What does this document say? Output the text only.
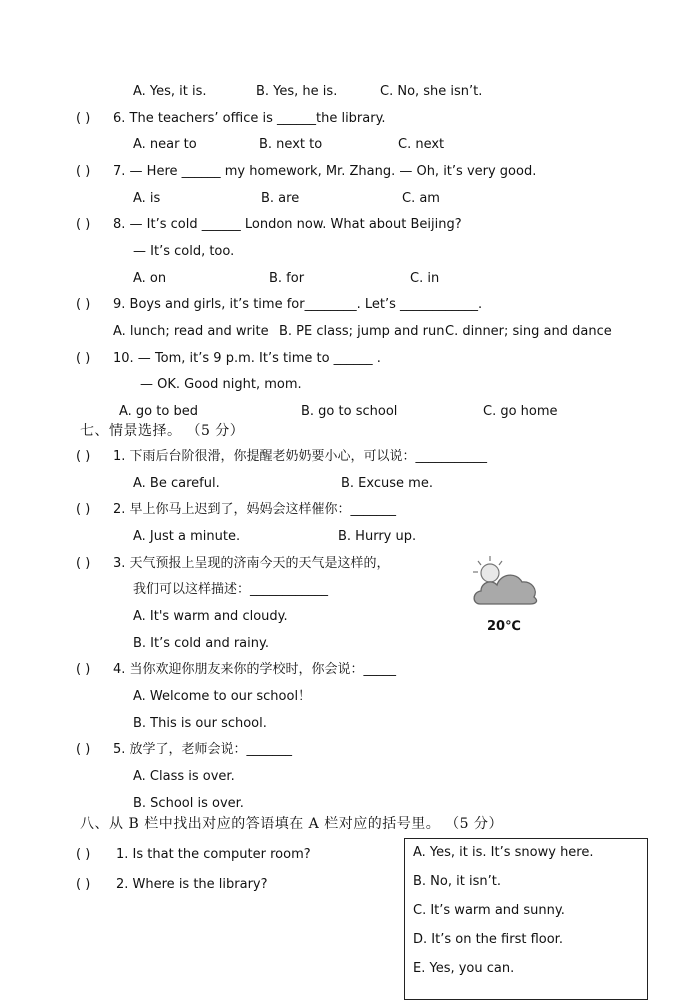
A. Yes, it is.	B. Yes, he is.	C. No, she isn’t.
( ) 6. The teachers’ office is ______the library.
A. near to	B. next to	C. next
( ) 7. — Here ______ my homework, Mr. Zhang. — Oh, it’s very good.
A. is	B. are	C. am
( ) 8. — It’s cold ______ London now. What about Beijing?
— It’s cold, too.
A. on	B. for	C. in
( ) 9. Boys and girls, it’s time for________. Let’s ____________.
A. lunch; read and write B. PE class; jump and run C. dinner; sing and dance
( ) 10. — Tom, it’s 9 p.m. It’s time to ______ .
— OK. Good night, mom.
A. go to bed	B. go to school	C. go home
七、情景选择。 （5 分）
( ) 1. 下雨后台阶很滑，你提醒老奶奶要小心，可以说：___________
A. Be careful.	B. Excuse me.
( ) 2. 早上你马上迟到了，妈妈会这样催你：_______
A. Just a minute.	B. Hurry up.
( ) 3. 天气预报上呈现的济南今天的天气是这样的，
我们可以这样描述：____________
A. It's warm and cloudy.
B. It’s cold and rainy.
20℃
( ) 4. 当你欢迎你朋友来你的学校时，你会说：_____
A. Welcome to our school！
B. This is our school.
( ) 5. 放学了，老师会说：_______
A. Class is over.
B. School is over.
八、从 B 栏中找出对应的答语填在 A 栏对应的括号里。 （5 分）
( ) 1. Is that the computer room?
( ) 2. Where is the library?
A. Yes, it is. It’s snowy here.
B. No, it isn’t.
C. It’s warm and sunny.
D. It’s on the first floor.
E. Yes, you can.
